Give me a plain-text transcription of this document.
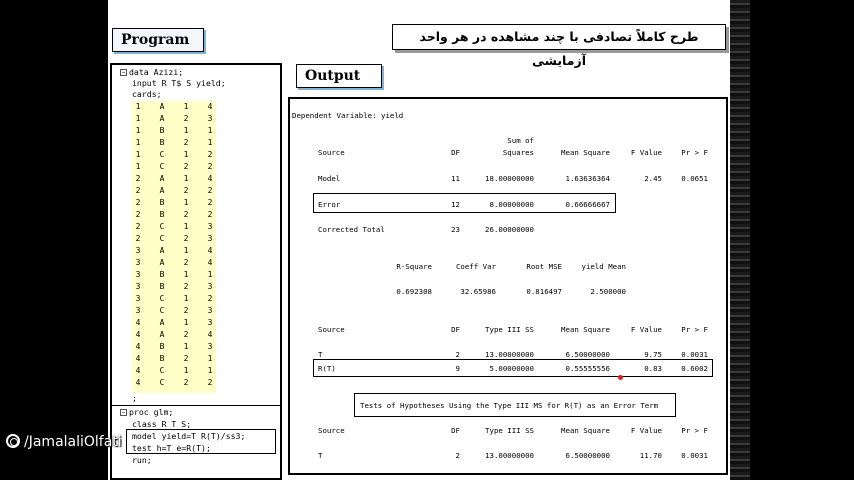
Program	طرح کاملاً تصادفی با چند مشاهده در هر واحد آزمایشی
Output
− data Azizi;
input R T$ S yield;
cards;
1	A	1	4
1	A	2	3
1	B	1	1
1	B	2	1
1	C	1	2
1	C	2	2
2	A	1	4
2	A	2	2
2	B	1	2
2	B	2	2
2	C	1	3
2	C	2	3
3	A	1	4
3	A	2	4
3	B	1	1
3	B	2	3
3	C	1	2
3	C	2	3
4	A	1	3
4	A	2	4
4	B	1	3
4	B	2	1
4	C	1	1
4	C	2	2
;
− proc glm;
class R T S;
model yield=T R(T)/ss3;
test h=T e=R(T);
run;
Dependent Variable: yield
Sum of
Source	DF	Squares	Mean Square	F Value	Pr > F
Model	11	18.00000000	1.63636364	2.45	0.0651
Error	12	8.00000000	0.66666667
Corrected Total	23	26.00000000
R-Square	Coeff Var	Root MSE	yield Mean
0.692308	32.65986	0.816497	2.500000
Source	DF	Type III SS	Mean Square	F Value	Pr > F
T	2	13.00000000	6.50000000	9.75	0.0031
R(T)	9	5.00000000	0.55555556	0.83	0.6002
Tests of Hypotheses Using the Type III MS for R(T) as an Error Term
Source	DF	Type III SS	Mean Square	F Value	Pr > F
T	2	13.00000000	6.50000000	11.70	0.0031
/JamalaliOlfati
